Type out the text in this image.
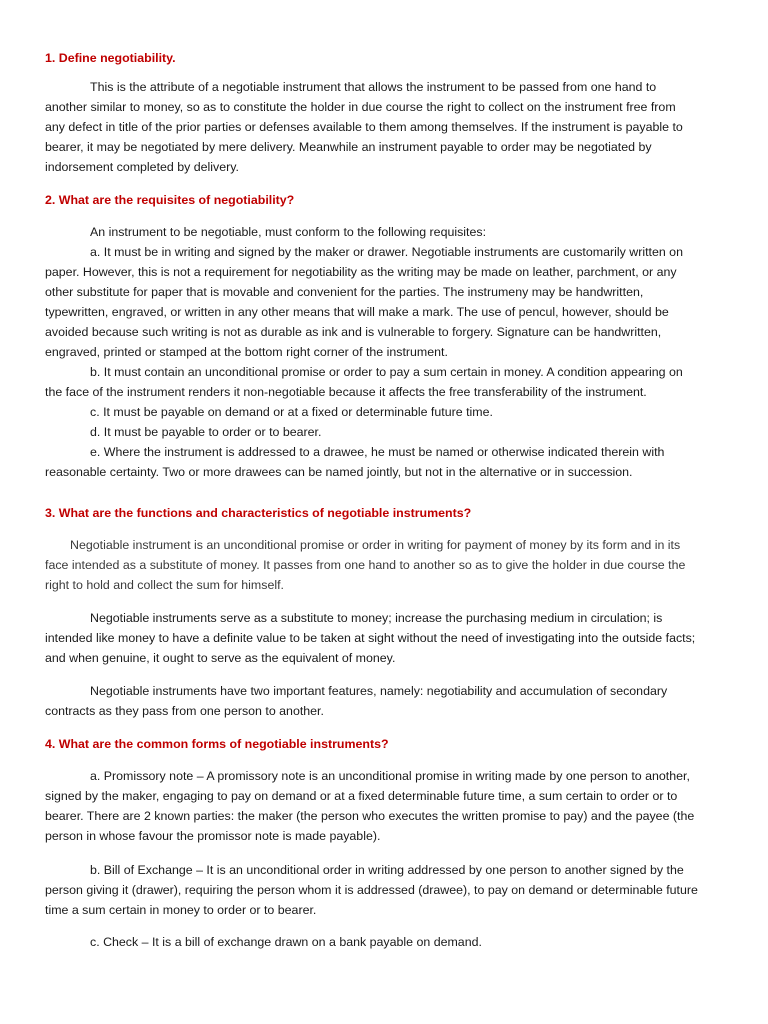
1. Define negotiability.
This is the attribute of a negotiable instrument that allows the instrument to be passed from one hand to
another similar to money, so as to constitute the holder in due course the right to collect on the instrument free from
any defect in title of the prior parties or defenses available to them among themselves. If the instrument is payable to
bearer, it may be negotiated by mere delivery. Meanwhile an instrument payable to order may be negotiated by
indorsement completed by delivery.
2. What are the requisites of negotiability?
An instrument to be negotiable, must conform to the following requisites:
a. It must be in writing and signed by the maker or drawer. Negotiable instruments are customarily written on
paper. However, this is not a requirement for negotiability as the writing may be made on leather, parchment, or any
other substitute for paper that is movable and convenient for the parties. The instrumeny may be handwritten,
typewritten, engraved, or written in any other means that will make a mark. The use of pencul, however, should be
avoided because such writing is not as durable as ink and is vulnerable to forgery. Signature can be handwritten,
engraved, printed or stamped at the bottom right corner of the instrument.
b. It must contain an unconditional promise or order to pay a sum certain in money. A condition appearing on
the face of the instrument renders it non-negotiable because it affects the free transferability of the instrument.
c. It must be payable on demand or at a fixed or determinable future time.
d. It must be payable to order or to bearer.
e. Where the instrument is addressed to a drawee, he must be named or otherwise indicated therein with
reasonable certainty. Two or more drawees can be named jointly, but not in the alternative or in succession.
3. What are the functions and characteristics of negotiable instruments?
Negotiable instrument is an unconditional promise or order in writing for payment of money by its form and in its
face intended as a substitute of money. It passes from one hand to another so as to give the holder in due course the
right to hold and collect the sum for himself.
Negotiable instruments serve as a substitute to money; increase the purchasing medium in circulation; is
intended like money to have a definite value to be taken at sight without the need of investigating into the outside facts;
and when genuine, it ought to serve as the equivalent of money.
Negotiable instruments have two important features, namely: negotiability and accumulation of secondary
contracts as they pass from one person to another.
4. What are the common forms of negotiable instruments?
a. Promissory note – A promissory note is an unconditional promise in writing made by one person to another,
signed by the maker, engaging to pay on demand or at a fixed determinable future time, a sum certain to order or to
bearer. There are 2 known parties: the maker (the person who executes the written promise to pay) and the payee (the
person in whose favour the promissor note is made payable).
b. Bill of Exchange – It is an unconditional order in writing addressed by one person to another signed by the
person giving it (drawer), requiring the person whom it is addressed (drawee), to pay on demand or determinable future
time a sum certain in money to order or to bearer.
c. Check – It is a bill of exchange drawn on a bank payable on demand.
